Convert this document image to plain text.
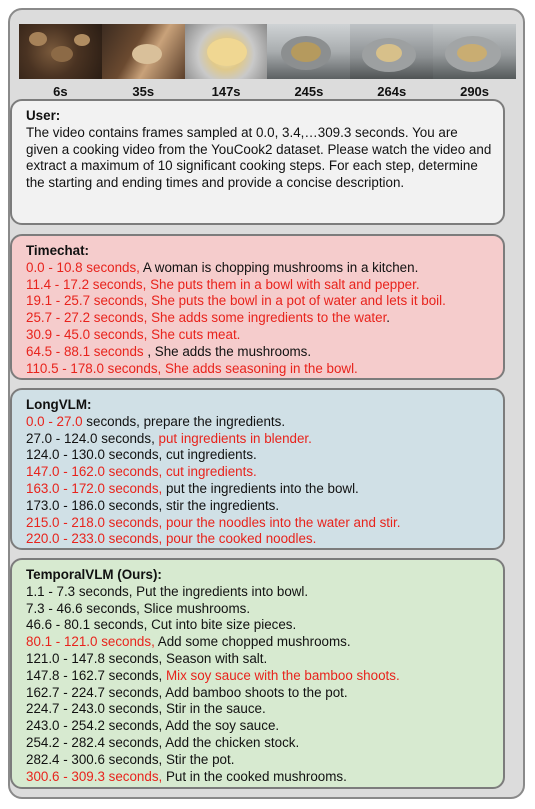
6s	35s	147s	245s	264s	290s
User:
The video contains frames sampled at 0.0, 3.4,…309.3 seconds. You are given a cooking video from the YouCook2 dataset. Please watch the video and extract a maximum of 10 significant cooking steps. For each step, determine the starting and ending times and provide a concise description.
Timechat:
0.0 - 10.8 seconds, A woman is chopping mushrooms in a kitchen.
11.4 - 17.2 seconds, She puts them in a bowl with salt and pepper.
19.1 - 25.7 seconds, She puts the bowl in a pot of water and lets it boil.
25.7 - 27.2 seconds, She adds some ingredients to the water.
30.9 - 45.0 seconds, She cuts meat.
64.5 - 88.1 seconds , She adds the mushrooms.
110.5 - 178.0 seconds, She adds seasoning in the bowl.
LongVLM:
0.0 - 27.0 seconds, prepare the ingredients.
27.0 - 124.0 seconds, put ingredients in blender.
124.0 - 130.0 seconds, cut ingredients.
147.0 - 162.0 seconds, cut ingredients.
163.0 - 172.0 seconds, put the ingredients into the bowl.
173.0 - 186.0 seconds, stir the ingredients.
215.0 - 218.0 seconds, pour the noodles into the water and stir.
220.0 - 233.0 seconds, pour the cooked noodles.
TemporalVLM (Ours):
1.1 - 7.3 seconds, Put the ingredients into bowl.
7.3 - 46.6 seconds, Slice mushrooms.
46.6 - 80.1 seconds, Cut into bite size pieces.
80.1 - 121.0 seconds, Add some chopped mushrooms.
121.0 - 147.8 seconds, Season with salt.
147.8 - 162.7 seconds, Mix soy sauce with the bamboo shoots.
162.7 - 224.7 seconds, Add bamboo shoots to the pot.
224.7 - 243.0 seconds, Stir in the sauce.
243.0 - 254.2 seconds, Add the soy sauce.
254.2 - 282.4 seconds, Add the chicken stock.
282.4 - 300.6 seconds, Stir the pot.
300.6 - 309.3 seconds, Put in the cooked mushrooms.
